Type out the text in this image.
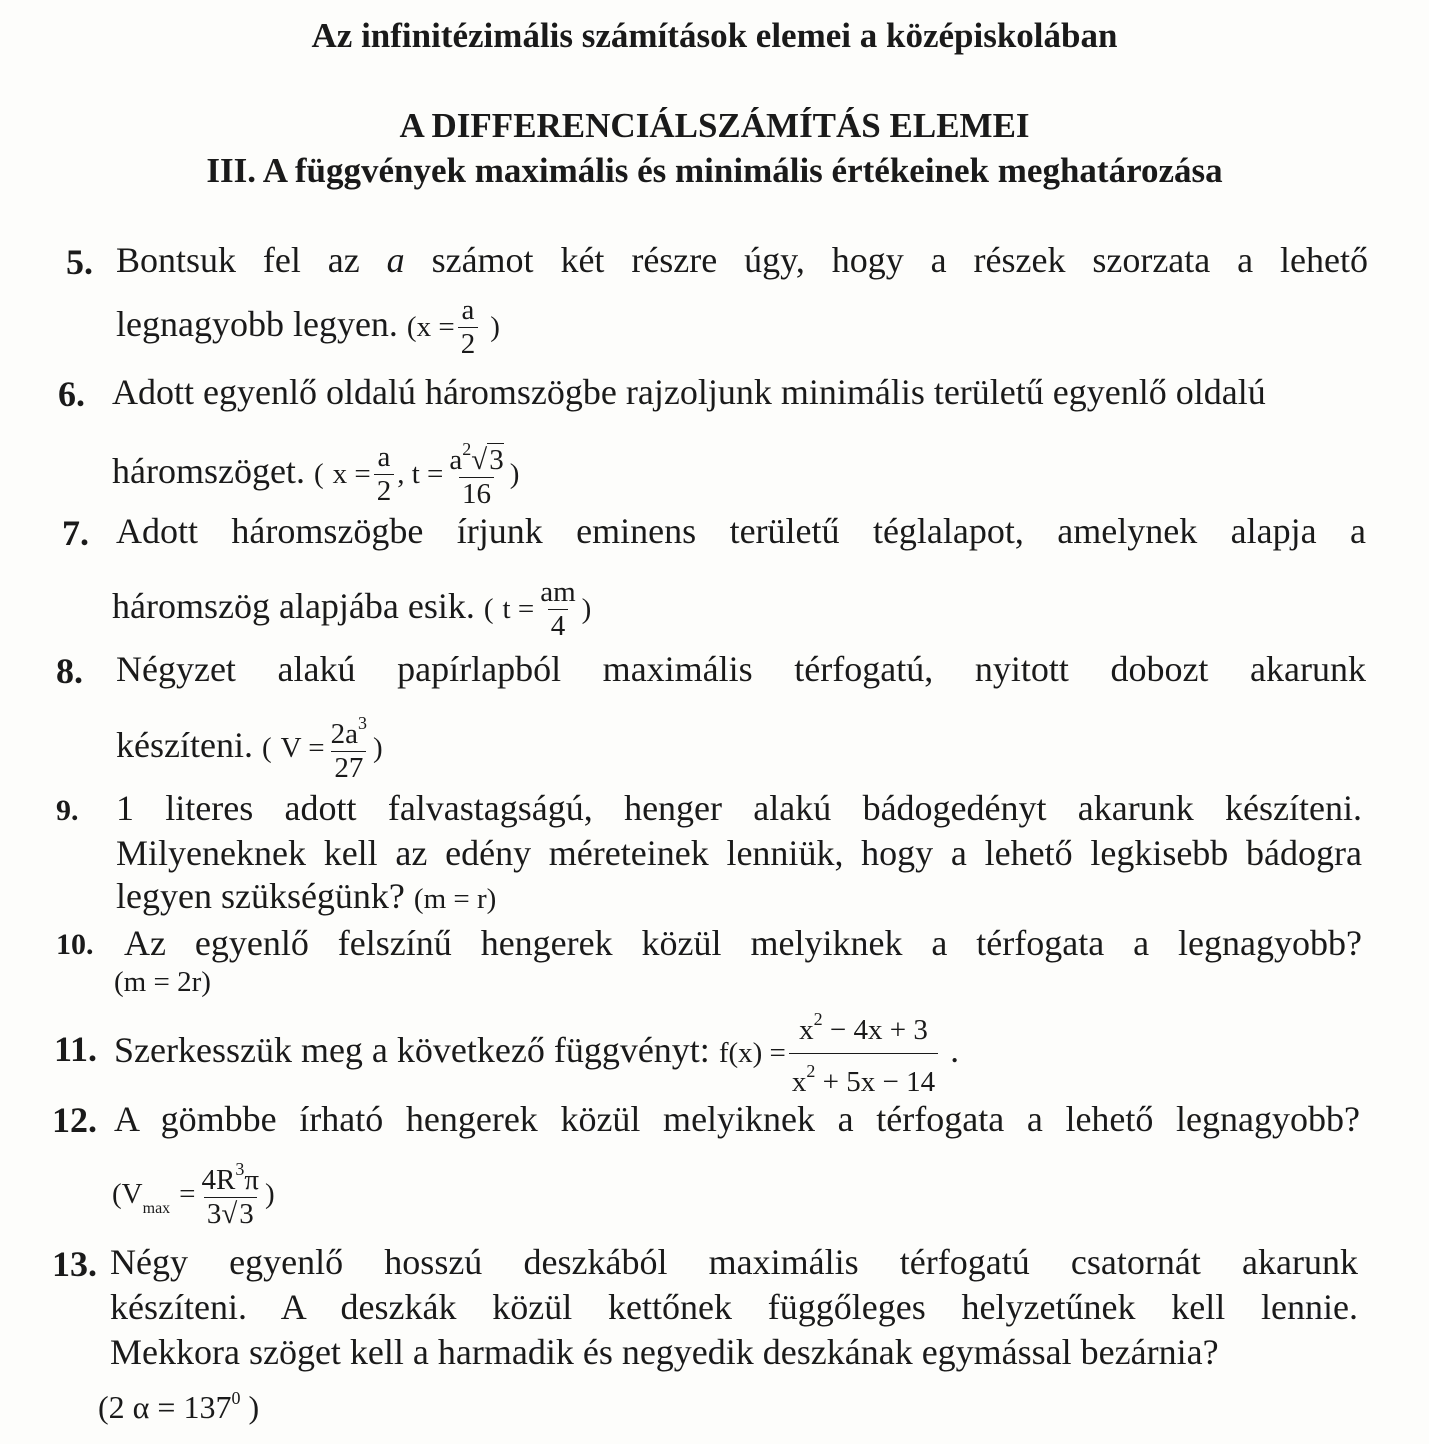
Az infinitézimális számítások elemei a középiskolában
A DIFFERENCIÁLSZÁMÍTÁS ELEMEI
III. A függvények maximális és minimális értékeinek meghatározása
5. Bontsuk fel az a számot két részre úgy, hogy a részek szorzata a lehető
legnagyobb legyen. ($x = \frac{a}{2}$ )
6. Adott egyenlő oldalú háromszögbe rajzoljunk minimális területű egyenlő oldalú
háromszöget. ( $x = \frac{a}{2}$ , $t = \frac{a^2√3}{16}$ )
7. Adott háromszögbe írjunk eminens területű téglalapot, amelynek alapja a
háromszög alapjába esik. ( $t = \frac{am}{4}$ )
8. Négyzet alakú papírlapból maximális térfogatú, nyitott dobozt akarunk
készíteni. ( $V = \frac{2a^3}{27}$ )
9. 1 literes adott falvastagságú, henger alakú bádogedényt akarunk készíteni.
Milyeneknek kell az edény méreteinek lenniük, hogy a lehető legkisebb bádogra
legyen szükségünk? (m = r)
10. Az egyenlő felszínű hengerek közül melyiknek a térfogata a legnagyobb?
(m = 2r)
11. Szerkesszük meg a következő függvényt: $f(x) = \frac{x^2 - 4x + 3}{x^2 + 5x - 14}$ .
12. A gömbbe írható hengerek közül melyiknek a térfogata a lehető legnagyobb?
($V_{max} = \frac{4R^3\pi}{3√3}$ )
13. Négy egyenlő hosszú deszkából maximális térfogatú csatornát akarunk
készíteni. A deszkák közül kettőnek függőleges helyzetűnek kell lennie.
Mekkora szöget kell a harmadik és negyedik deszkának egymással bezárnia?
(2 $\alpha = 137^0$ )
